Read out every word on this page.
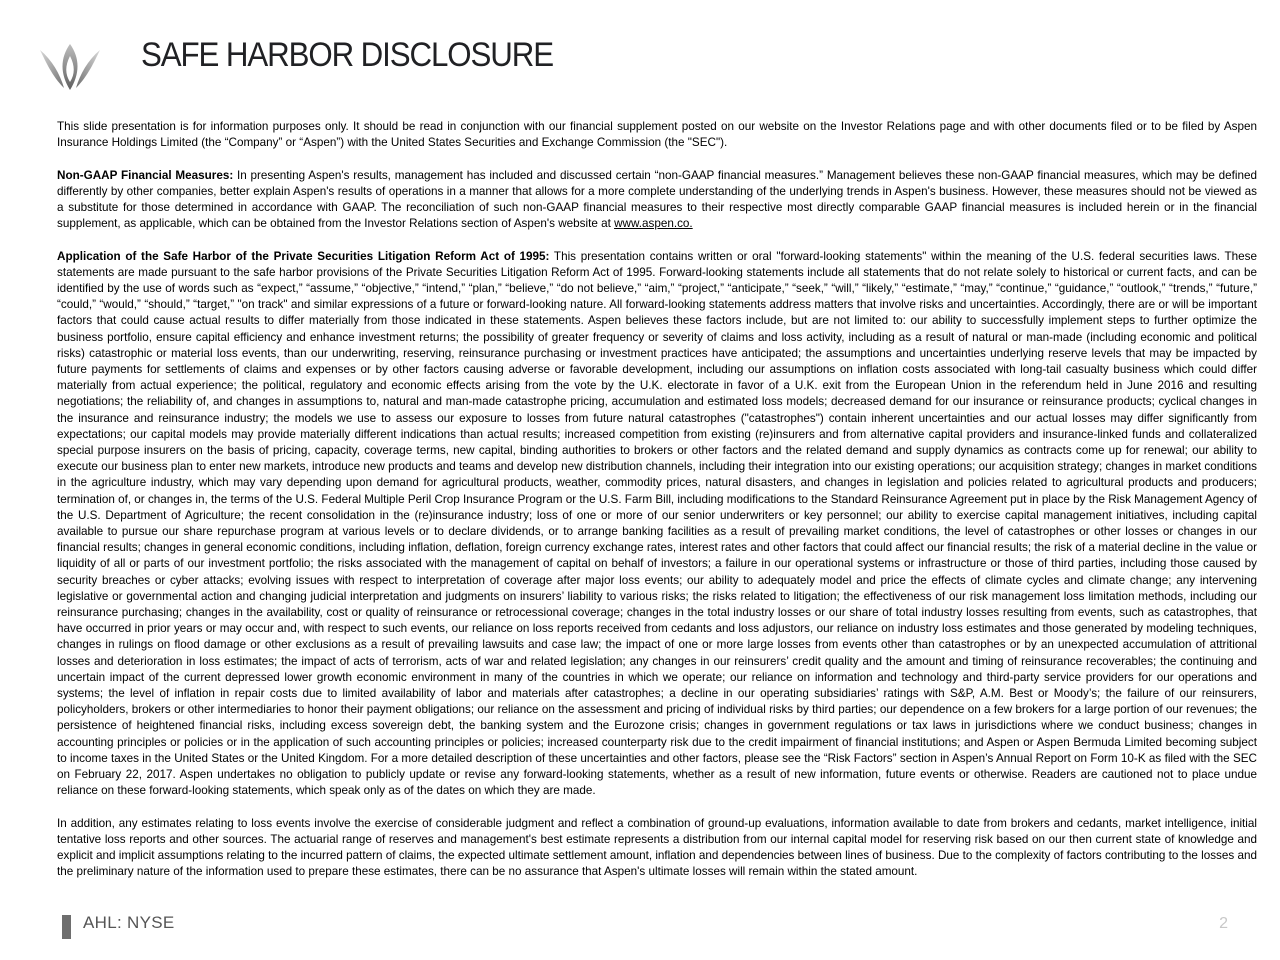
SAFE HARBOR DISCLOSURE

This slide presentation is for information purposes only. It should be read in conjunction with our financial supplement posted on our website on the Investor Relations page and with other documents filed or to be filed by Aspen Insurance Holdings Limited (the “Company” or “Aspen”) with the United States Securities and Exchange Commission (the "SEC").

Non-GAAP Financial Measures: In presenting Aspen's results, management has included and discussed certain “non-GAAP financial measures.” Management believes these non-GAAP financial measures, which may be defined differently by other companies, better explain Aspen's results of operations in a manner that allows for a more complete understanding of the underlying trends in Aspen's business. However, these measures should not be viewed as a substitute for those determined in accordance with GAAP. The reconciliation of such non-GAAP financial measures to their respective most directly comparable GAAP financial measures is included herein or in the financial supplement, as applicable, which can be obtained from the Investor Relations section of Aspen's website at www.aspen.co.

Application of the Safe Harbor of the Private Securities Litigation Reform Act of 1995: This presentation contains written or oral "forward-looking statements" within the meaning of the U.S. federal securities laws. These statements are made pursuant to the safe harbor provisions of the Private Securities Litigation Reform Act of 1995. Forward-looking statements include all statements that do not relate solely to historical or current facts, and can be identified by the use of words such as “expect,” “assume,” “objective,” “intend,” “plan,” “believe,” “do not believe,” “aim,” “project,” “anticipate,” “seek,” “will,” “likely,” “estimate,” “may,” “continue,” “guidance,” “outlook,” “trends,” “future,” “could,” “would,” “should,” “target,” "on track" and similar expressions of a future or forward-looking nature. All forward-looking statements address matters that involve risks and uncertainties. Accordingly, there are or will be important factors that could cause actual results to differ materially from those indicated in these statements. Aspen believes these factors include, but are not limited to: our ability to successfully implement steps to further optimize the business portfolio, ensure capital efficiency and enhance investment returns; the possibility of greater frequency or severity of claims and loss activity, including as a result of natural or man-made (including economic and political risks) catastrophic or material loss events, than our underwriting, reserving, reinsurance purchasing or investment practices have anticipated; the assumptions and uncertainties underlying reserve levels that may be impacted by future payments for settlements of claims and expenses or by other factors causing adverse or favorable development, including our assumptions on inflation costs associated with long-tail casualty business which could differ materially from actual experience; the political, regulatory and economic effects arising from the vote by the U.K. electorate in favor of a U.K. exit from the European Union in the referendum held in June 2016 and resulting negotiations; the reliability of, and changes in assumptions to, natural and man-made catastrophe pricing, accumulation and estimated loss models; decreased demand for our insurance or reinsurance products; cyclical changes in the insurance and reinsurance industry; the models we use to assess our exposure to losses from future natural catastrophes ("catastrophes") contain inherent uncertainties and our actual losses may differ significantly from expectations; our capital models may provide materially different indications than actual results; increased competition from existing (re)insurers and from alternative capital providers and insurance-linked funds and collateralized special purpose insurers on the basis of pricing, capacity, coverage terms, new capital, binding authorities to brokers or other factors and the related demand and supply dynamics as contracts come up for renewal; our ability to execute our business plan to enter new markets, introduce new products and teams and develop new distribution channels, including their integration into our existing operations; our acquisition strategy; changes in market conditions in the agriculture industry, which may vary depending upon demand for agricultural products, weather, commodity prices, natural disasters, and changes in legislation and policies related to agricultural products and producers; termination of, or changes in, the terms of the U.S. Federal Multiple Peril Crop Insurance Program or the U.S. Farm Bill, including modifications to the Standard Reinsurance Agreement put in place by the Risk Management Agency of the U.S. Department of Agriculture; the recent consolidation in the (re)insurance industry; loss of one or more of our senior underwriters or key personnel; our ability to exercise capital management initiatives, including capital available to pursue our share repurchase program at various levels or to declare dividends, or to arrange banking facilities as a result of prevailing market conditions, the level of catastrophes or other losses or changes in our financial results; changes in general economic conditions, including inflation, deflation, foreign currency exchange rates, interest rates and other factors that could affect our financial results; the risk of a material decline in the value or liquidity of all or parts of our investment portfolio; the risks associated with the management of capital on behalf of investors; a failure in our operational systems or infrastructure or those of third parties, including those caused by security breaches or cyber attacks; evolving issues with respect to interpretation of coverage after major loss events; our ability to adequately model and price the effects of climate cycles and climate change; any intervening legislative or governmental action and changing judicial interpretation and judgments on insurers’ liability to various risks; the risks related to litigation; the effectiveness of our risk management loss limitation methods, including our reinsurance purchasing; changes in the availability, cost or quality of reinsurance or retrocessional coverage; changes in the total industry losses or our share of total industry losses resulting from events, such as catastrophes, that have occurred in prior years or may occur and, with respect to such events, our reliance on loss reports received from cedants and loss adjustors, our reliance on industry loss estimates and those generated by modeling techniques, changes in rulings on flood damage or other exclusions as a result of prevailing lawsuits and case law; the impact of one or more large losses from events other than catastrophes or by an unexpected accumulation of attritional losses and deterioration in loss estimates; the impact of acts of terrorism, acts of war and related legislation; any changes in our reinsurers’ credit quality and the amount and timing of reinsurance recoverables; the continuing and uncertain impact of the current depressed lower growth economic environment in many of the countries in which we operate; our reliance on information and technology and third-party service providers for our operations and systems; the level of inflation in repair costs due to limited availability of labor and materials after catastrophes; a decline in our operating subsidiaries’ ratings with S&P, A.M. Best or Moody’s; the failure of our reinsurers, policyholders, brokers or other intermediaries to honor their payment obligations; our reliance on the assessment and pricing of individual risks by third parties; our dependence on a few brokers for a large portion of our revenues; the persistence of heightened financial risks, including excess sovereign debt, the banking system and the Eurozone crisis; changes in government regulations or tax laws in jurisdictions where we conduct business; changes in accounting principles or policies or in the application of such accounting principles or policies; increased counterparty risk due to the credit impairment of financial institutions; and Aspen or Aspen Bermuda Limited becoming subject to income taxes in the United States or the United Kingdom. For a more detailed description of these uncertainties and other factors, please see the “Risk Factors” section in Aspen’s Annual Report on Form 10-K as filed with the SEC on February 22, 2017. Aspen undertakes no obligation to publicly update or revise any forward-looking statements, whether as a result of new information, future events or otherwise. Readers are cautioned not to place undue reliance on these forward-looking statements, which speak only as of the dates on which they are made.

In addition, any estimates relating to loss events involve the exercise of considerable judgment and reflect a combination of ground-up evaluations, information available to date from brokers and cedants, market intelligence, initial tentative loss reports and other sources. The actuarial range of reserves and management's best estimate represents a distribution from our internal capital model for reserving risk based on our then current state of knowledge and explicit and implicit assumptions relating to the incurred pattern of claims, the expected ultimate settlement amount, inflation and dependencies between lines of business. Due to the complexity of factors contributing to the losses and the preliminary nature of the information used to prepare these estimates, there can be no assurance that Aspen's ultimate losses will remain within the stated amount.

AHL: NYSE	2
